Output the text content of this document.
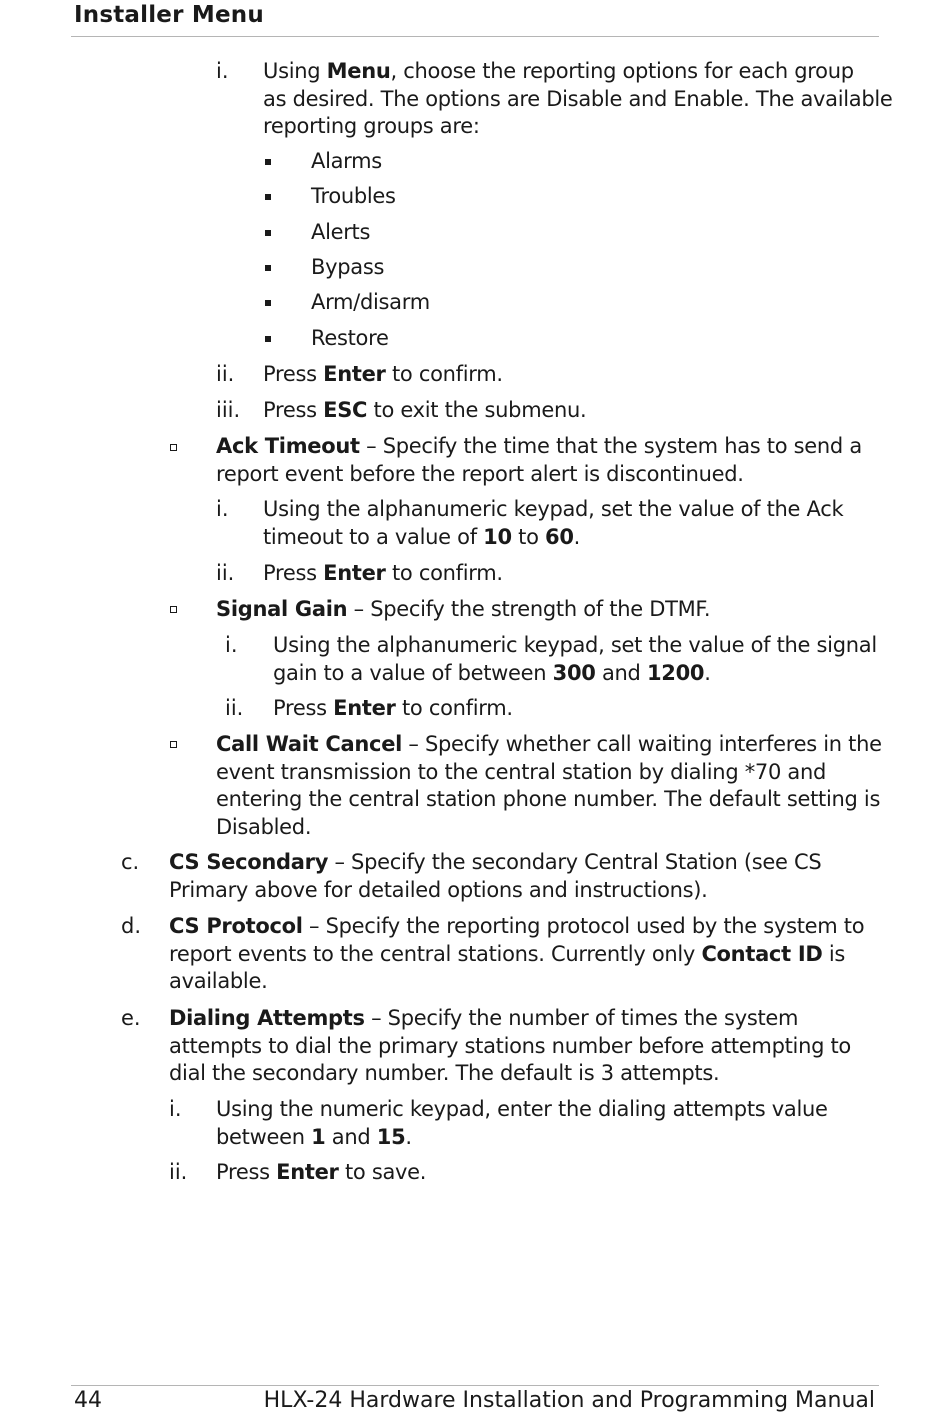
Installer Menu
i. Using Menu, choose the reporting options for each group
as desired. The options are Disable and Enable. The available
reporting groups are:
Alarms
Troubles
Alerts
Bypass
Arm/disarm
Restore
ii. Press Enter to confirm.
iii. Press ESC to exit the submenu.
Ack Timeout – Specify the time that the system has to send a
report event before the report alert is discontinued.
i. Using the alphanumeric keypad, set the value of the Ack
timeout to a value of 10 to 60.
ii. Press Enter to confirm.
Signal Gain – Specify the strength of the DTMF.
i. Using the alphanumeric keypad, set the value of the signal
gain to a value of between 300 and 1200.
ii. Press Enter to confirm.
Call Wait Cancel – Specify whether call waiting interferes in the
event transmission to the central station by dialing *70 and
entering the central station phone number. The default setting is
Disabled.
c. CS Secondary – Specify the secondary Central Station (see CS
Primary above for detailed options and instructions).
d. CS Protocol – Specify the reporting protocol used by the system to
report events to the central stations. Currently only Contact ID is
available.
e. Dialing Attempts – Specify the number of times the system
attempts to dial the primary stations number before attempting to
dial the secondary number. The default is 3 attempts.
i. Using the numeric keypad, enter the dialing attempts value
between 1 and 15.
ii. Press Enter to save.
44	HLX-24 Hardware Installation and Programming Manual
